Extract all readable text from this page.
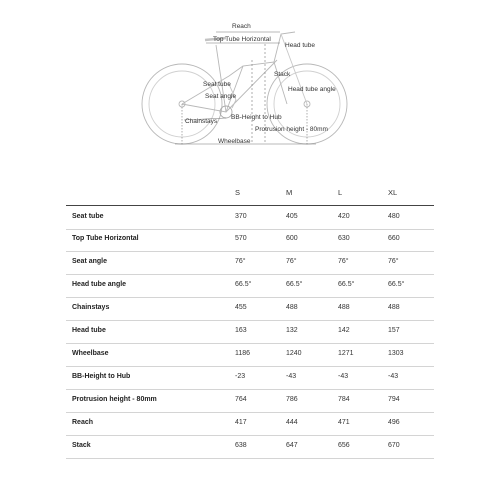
Reach
Top Tube Horizontal
Head tube
Stack
Seat tube
Seat angle
Head tube angle
Chainstays
BB-Height to Hub
Protrusion height - 80mm
Wheelbase
S	M	L	XL
Seat tube	370	405	420	480
Top Tube Horizontal	570	600	630	660
Seat angle	76°	76°	76°	76°
Head tube angle	66.5°	66.5°	66.5°	66.5°
Chainstays	455	488	488	488
Head tube	163	132	142	157
Wheelbase	1186	1240	1271	1303
BB-Height to Hub	-23	-43	-43	-43
Protrusion height - 80mm	764	786	784	794
Reach	417	444	471	496
Stack	638	647	656	670
